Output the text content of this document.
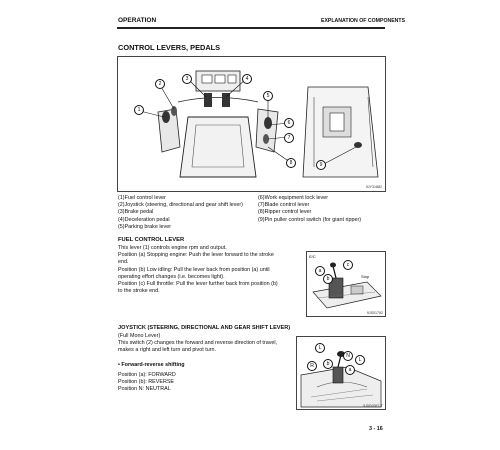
OPERATION	EXPLANATION OF COMPONENTS
CONTROL LEVERS, PEDALS
1
2
3	4
5
6
7
8	9
9JY31882
(1)Fuel control lever
(2)Joystick (steering, directional and gear shift lever)
(3)Brake pedal
(4)Deceleration pedal
(5)Parking brake lever
(6)Work equipment lock lever
(7)Blade control lever
(8)Ripper control lever
(9)Pin puller control switch (for giant ripper)
FUEL CONTROL LEVER
This lever (1) controls engine rpm and output.
Position (a) Stopping engine: Push the lever forward to the stroke
end.
Position (b) Low idling: Pull the lever back from position (a) until
operating effort changes (i.e. becomes light).
Position (c) Full throttle: Pull the lever further back from position (b)
to the stroke end.
E/C
Stop
a
b
c
9JS01792
JOYSTICK (STEERING, DIRECTIONAL AND GEAR SHIFT LEVER)
(Full Mono Lever)
This switch (2) changes the forward and reverse direction of travel,
makes a right and left turn and pivot turn.
• Forward-reverse shifting
Position (a): FORWARD
Position (b): REVERSE
Position N: NEUTRAL
L
R
N
L
a
b
9J0D93E1 T
3 - 16
